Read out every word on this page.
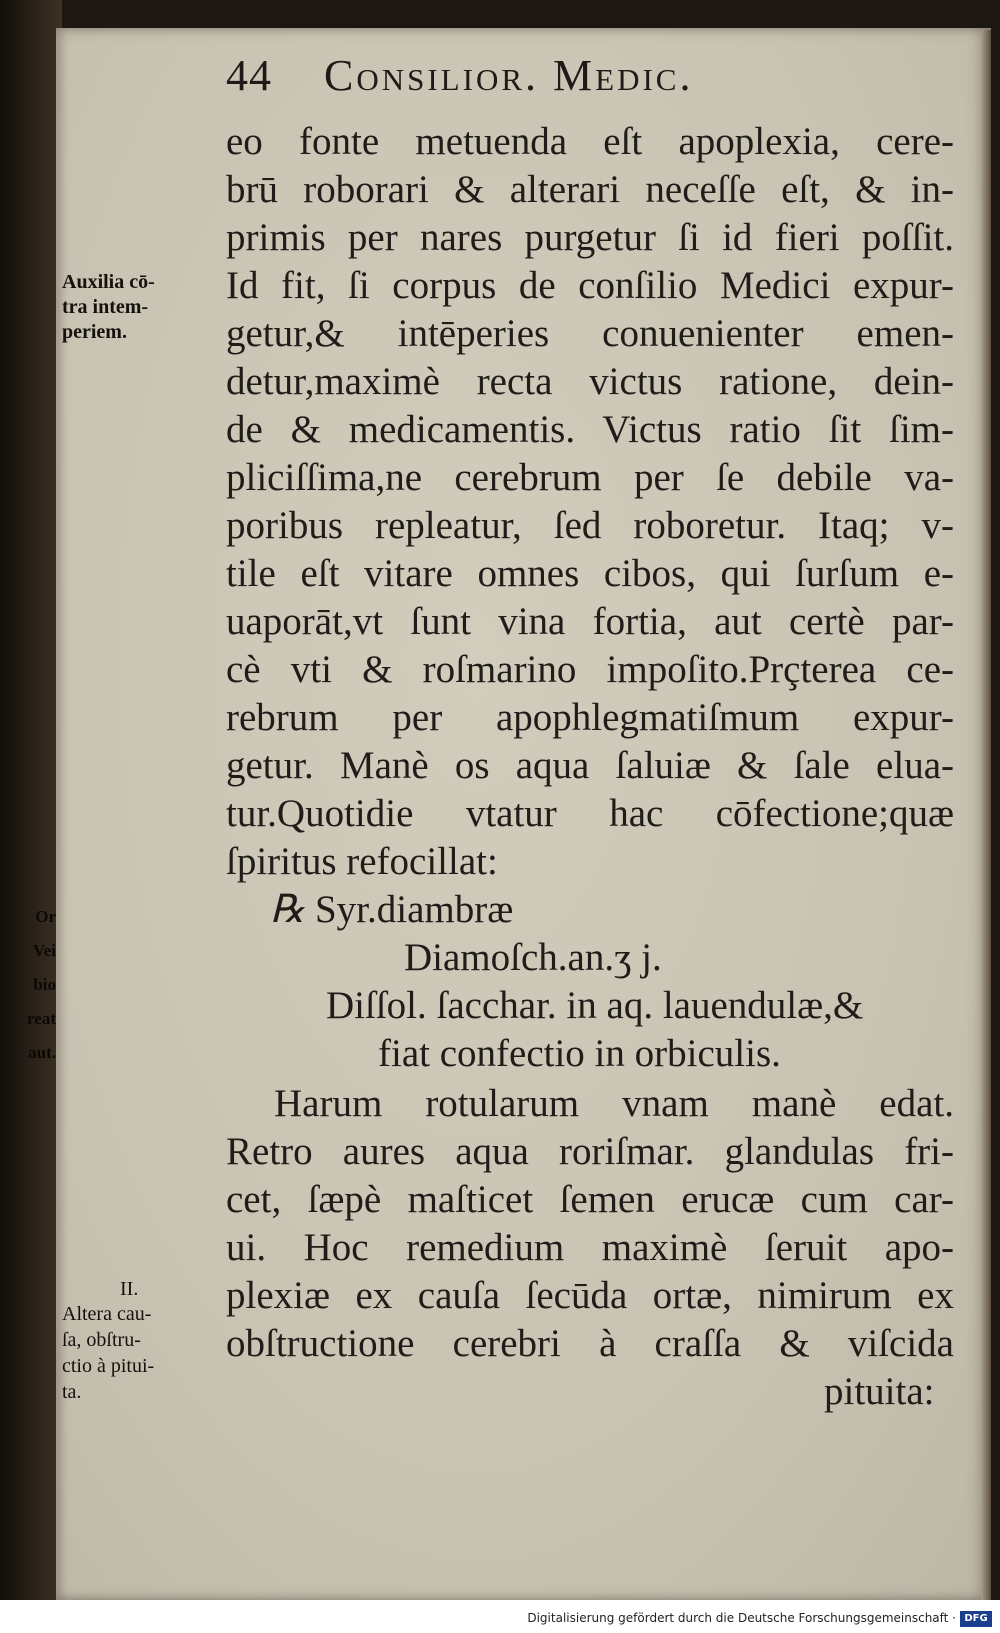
Or
Vei
bio
reat
aut.
44 Consilior. Medic.
Auxilia cō-
tra intem-
periem.
II.
Altera cau-
ſa, obſtru-
ctio à pitui-
ta.
eo fonte metuenda eſt apoplexia, cere-
brū roborari & alterari neceſſe eſt, & in-
primis per nares purgetur ſi id fieri poſſit.
Id fit, ſi corpus de conſilio Medici expur-
getur,& intēperies conuenienter emen-
detur,maximè recta victus ratione, dein-
de & medicamentis. Victus ratio ſit ſim-
pliciſſima,ne cerebrum per ſe debile va-
poribus repleatur, ſed roboretur. Itaq; v-
tile eſt vitare omnes cibos, qui ſurſum e-
uaporāt,vt ſunt vina fortia, aut certè par-
cè vti & roſmarino impoſito.Prçterea ce-
rebrum per apophlegmatiſmum expur-
getur. Manè os aqua ſaluiæ & ſale elua-
tur.Quotidie vtatur hac cōfectione;quæ
ſpiritus refocillat:
℞ Syr.diambræ
Diamoſch.an.ʒ j.
Diſſol. ſacchar. in aq. lauendulæ,&
fiat confectio in orbiculis.
Harum rotularum vnam manè edat.
Retro aures aqua roriſmar. glandulas fri-
cet, ſæpè maſticet ſemen erucæ cum car-
ui. Hoc remedium maximè ſeruit apo-
plexiæ ex cauſa ſecūda ortæ, nimirum ex
obſtructione cerebri à craſſa & viſcida
pituita:
Digitalisierung gefördert durch die Deutsche Forschungsgemeinschaft · DFG
